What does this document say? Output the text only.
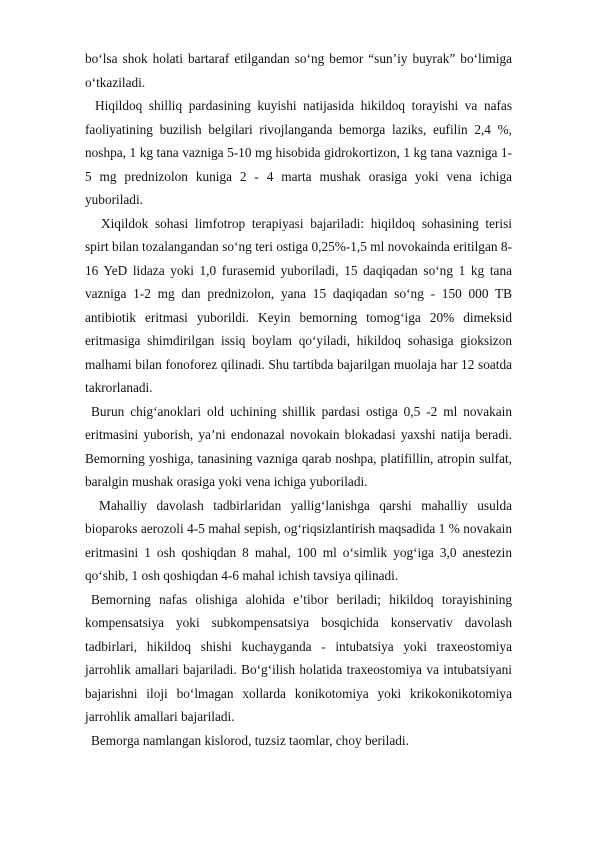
bo‘lsa shok holati bartaraf etilgandan so‘ng bemor “sun’iy buyrak” bo‘limiga o‘tkaziladi.

Hiqildoq shilliq pardasining kuyishi natijasida hikildoq torayishi va nafas faoliyatining buzilish belgilari rivojlanganda bemorga laziks, eufilin 2,4 %, noshpa, 1 kg tana vazniga 5-10 mg hisobida gidrokortizon, 1 kg tana vazniga 1-5 mg prednizolon kuniga 2 - 4 marta mushak orasiga yoki vena ichiga yuboriladi.

Xiqildok sohasi limfotrop terapiyasi bajariladi: hiqildoq sohasining terisi spirt bilan tozalangandan so‘ng teri ostiga 0,25%-1,5 ml novokainda eritilgan 8-16 YeD lidaza yoki 1,0 furasemid yuboriladi, 15 daqiqadan so‘ng 1 kg tana vazniga 1-2 mg dan prednizolon, yana 15 daqiqadan so‘ng - 150 000 TB antibiotik eritmasi yuborildi. Keyin bemorning tomog‘iga 20% dimeksid eritmasiga shimdirilgan issiq boylam qo‘yiladi, hikildoq sohasiga gioksizon malhami bilan fonoforez qilinadi. Shu tartibda bajarilgan muolaja har 12 soatda takrorlanadi.

Burun chig‘anoklari old uchining shillik pardasi ostiga 0,5 -2 ml novakain eritmasini yuborish, ya’ni endonazal novokain blokadasi yaxshi natija beradi. Bemorning yoshiga, tanasining vazniga qarab noshpa, platifillin, atropin sulfat, baralgin mushak orasiga yoki vena ichiga yuboriladi.

Mahalliy davolash tadbirlaridan yallig‘lanishga qarshi mahalliy usulda bioparoks aerozoli 4-5 mahal sepish, og‘riqsizlantirish maqsadida 1 % novakain eritmasini 1 osh qoshiqdan 8 mahal, 100 ml o‘simlik yog‘iga 3,0 anestezin qo‘shib, 1 osh qoshiqdan 4-6 mahal ichish tavsiya qilinadi.

Bemorning nafas olishiga alohida e’tibor beriladi; hikildoq torayishining kompensatsiya yoki subkompensatsiya bosqichida konservativ davolash tadbirlari, hikildoq shishi kuchayganda - intubatsiya yoki traxeostomiya jarrohlik amallari bajariladi. Bo‘g‘ilish holatida traxeostomiya va intubatsiyani bajarishni iloji bo‘lmagan xollarda konikotomiya yoki krikokonikotomiya jarrohlik amallari bajariladi.

Bemorga namlangan kislorod, tuzsiz taomlar, choy beriladi.
